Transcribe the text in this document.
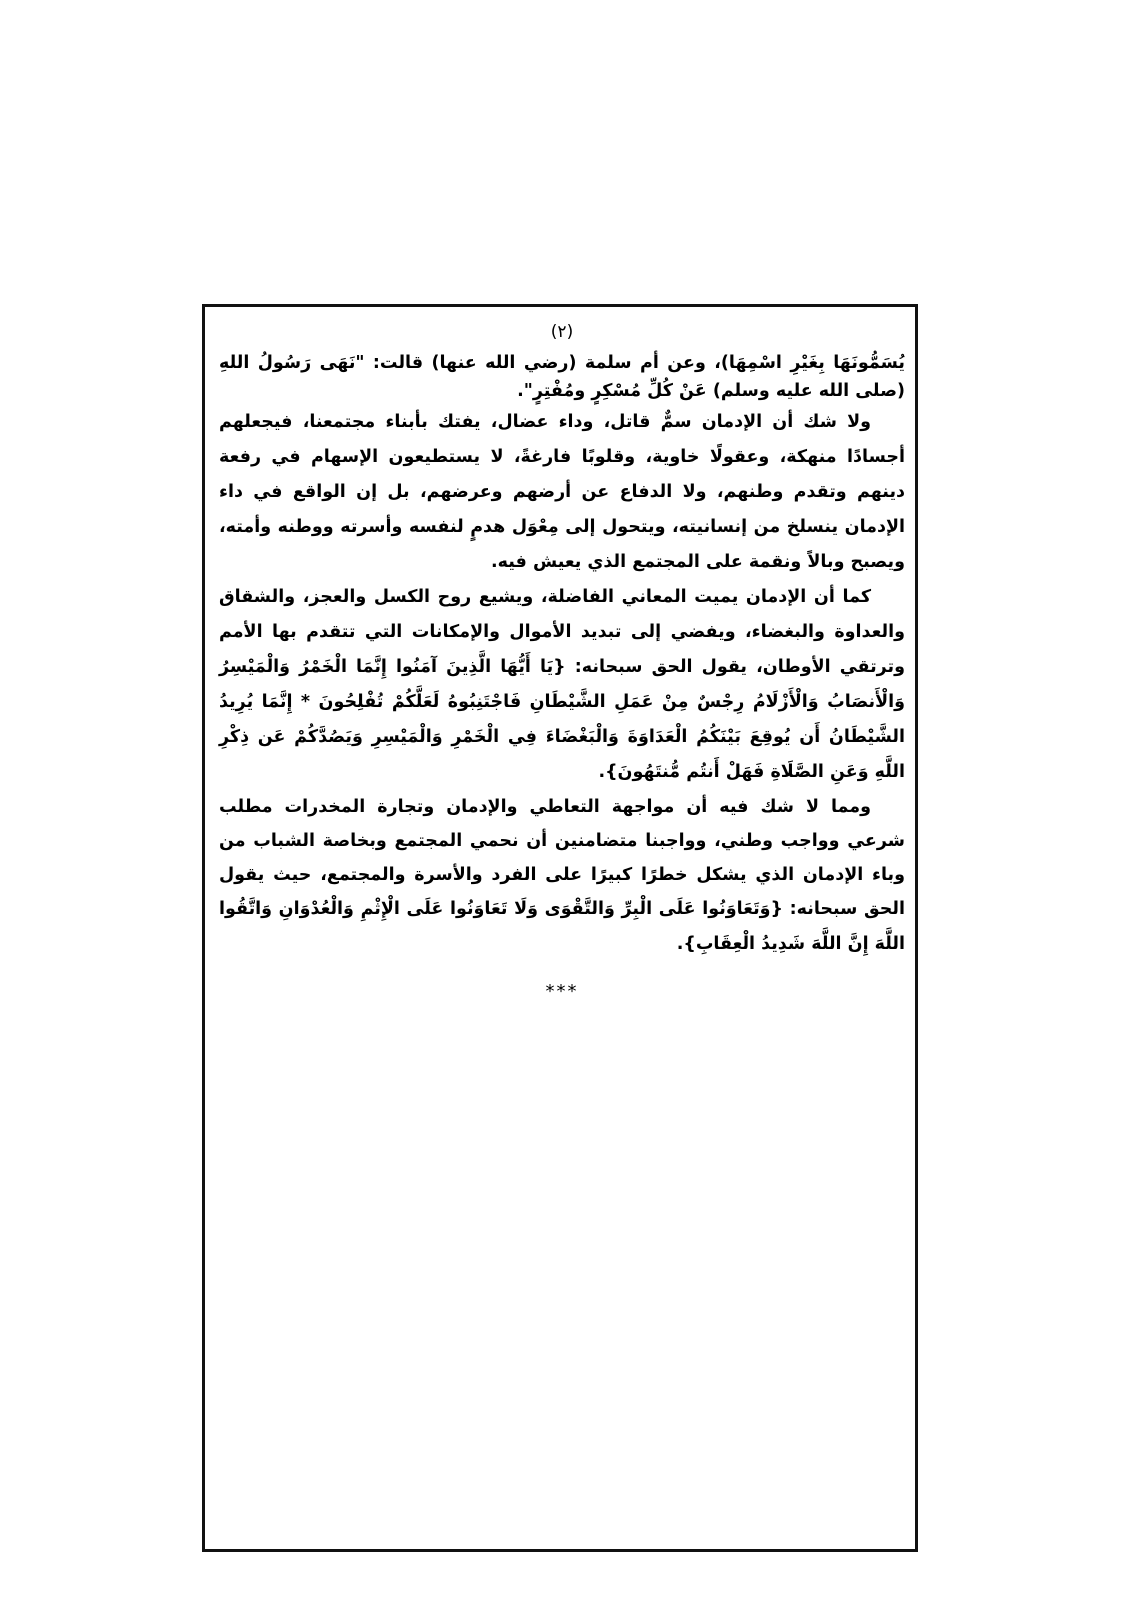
(٢)

يُسَمُّونَهَا بِغَيْرِ اسْمِهَا)، وعن أم سلمة (رضي الله عنها) قالت: "نَهَى رَسُولُ اللهِ (صلى الله عليه وسلم) عَنْ كُلِّ مُسْكِرٍ ومُفْتِرٍ".

ولا شك أن الإدمان سمٌّ قاتل، وداء عضال، يفتك بأبناء مجتمعنا، فيجعلهم أجسادًا منهكة، وعقولًا خاوية، وقلوبًا فارغةً، لا يستطيعون الإسهام في رفعة دينهم وتقدم وطنهم، ولا الدفاع عن أرضهم وعرضهم، بل إن الواقع في داء الإدمان ينسلخ من إنسانيته، ويتحول إلى مِعْوَل هدمٍ لنفسه وأسرته ووطنه وأمته، ويصبح وبالاً ونقمة على المجتمع الذي يعيش فيه.

كما أن الإدمان يميت المعاني الفاضلة، ويشيع روح الكسل والعجز، والشقاق والعداوة والبغضاء، ويفضي إلى تبديد الأموال والإمكانات التي تتقدم بها الأمم وترتقي الأوطان، يقول الحق سبحانه: {يَا أَيُّهَا الَّذِينَ آمَنُوا إِنَّمَا الْخَمْرُ وَالْمَيْسِرُ وَالْأَنصَابُ وَالْأَزْلَامُ رِجْسٌ مِنْ عَمَلِ الشَّيْطَانِ فَاجْتَنِبُوهُ لَعَلَّكُمْ تُفْلِحُونَ * إِنَّمَا يُرِيدُ الشَّيْطَانُ أَن يُوقِعَ بَيْنَكُمُ الْعَدَاوَةَ وَالْبَغْضَاءَ فِي الْخَمْرِ وَالْمَيْسِرِ وَيَصُدَّكُمْ عَن ذِكْرِ اللَّهِ وَعَنِ الصَّلَاةِ فَهَلْ أَنتُم مُّنتَهُونَ}.

ومما لا شك فيه أن مواجهة التعاطي والإدمان وتجارة المخدرات مطلب شرعي وواجب وطني، وواجبنا متضامنين أن نحمي المجتمع وبخاصة الشباب من وباء الإدمان الذي يشكل خطرًا كبيرًا على الفرد والأسرة والمجتمع، حيث يقول الحق سبحانه: {وَتَعَاوَنُوا عَلَى الْبِرِّ وَالتَّقْوَى وَلَا تَعَاوَنُوا عَلَى الْإِثْمِ وَالْعُدْوَانِ وَاتَّقُوا اللَّهَ إِنَّ اللَّهَ شَدِيدُ الْعِقَابِ}.

***
